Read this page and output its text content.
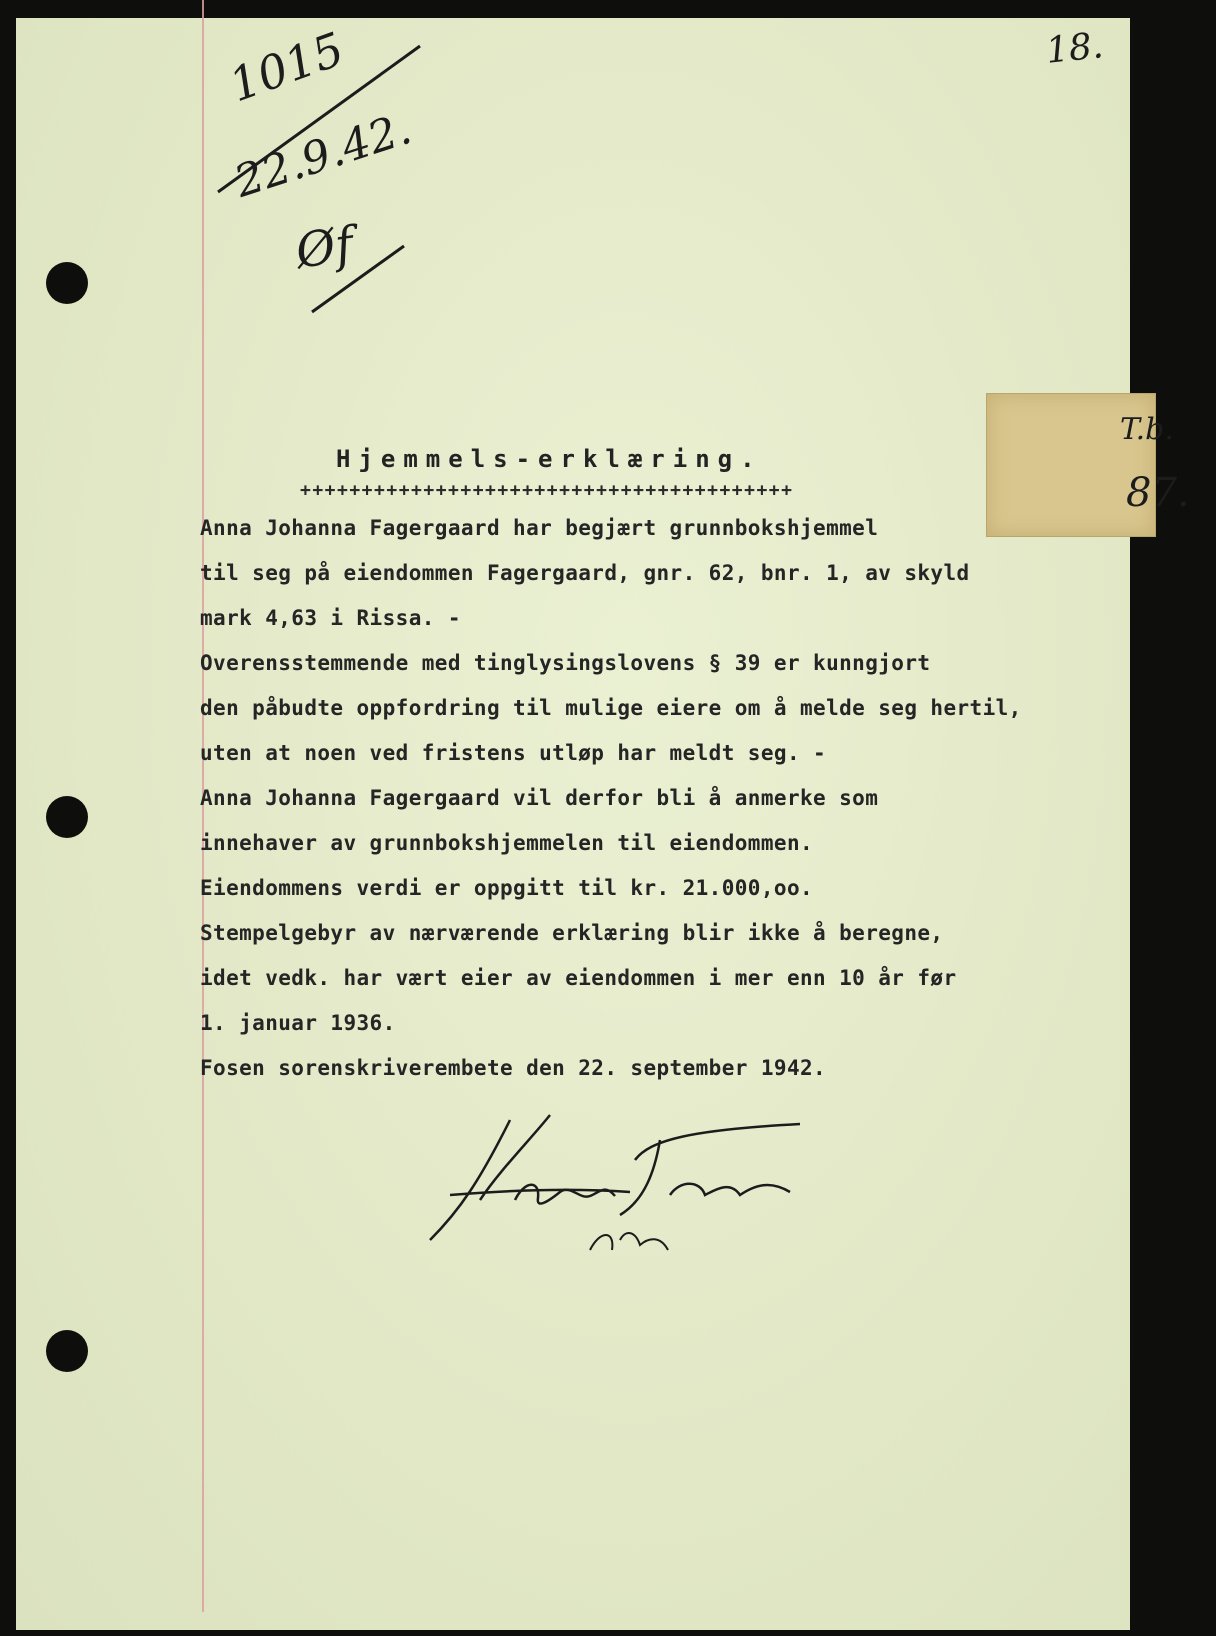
18.
1015
22.9.42.
Øf
T.b.
87.
Hjemmels-erklæring.
++++++++++++++++++++++++++++++++++++++++
Anna Johanna Fagergaard har begjært grunnbokshjemmel
til seg på eiendommen Fagergaard, gnr. 62, bnr. 1, av skyld
mark 4,63 i Rissa. -
Overensstemmende med tinglysingslovens § 39 er kunngjort
den påbudte oppfordring til mulige eiere om å melde seg hertil,
uten at noen ved fristens utløp har meldt seg. -
Anna Johanna Fagergaard vil derfor bli å anmerke som
innehaver av grunnbokshjemmelen til eiendommen.
Eiendommens verdi er oppgitt til kr. 21.000,oo.
Stempelgebyr av nærværende erklæring blir ikke å beregne,
idet vedk. har vært eier av eiendommen i mer enn 10 år før
1. januar 1936.
Fosen sorenskriverembete den 22. september 1942.
